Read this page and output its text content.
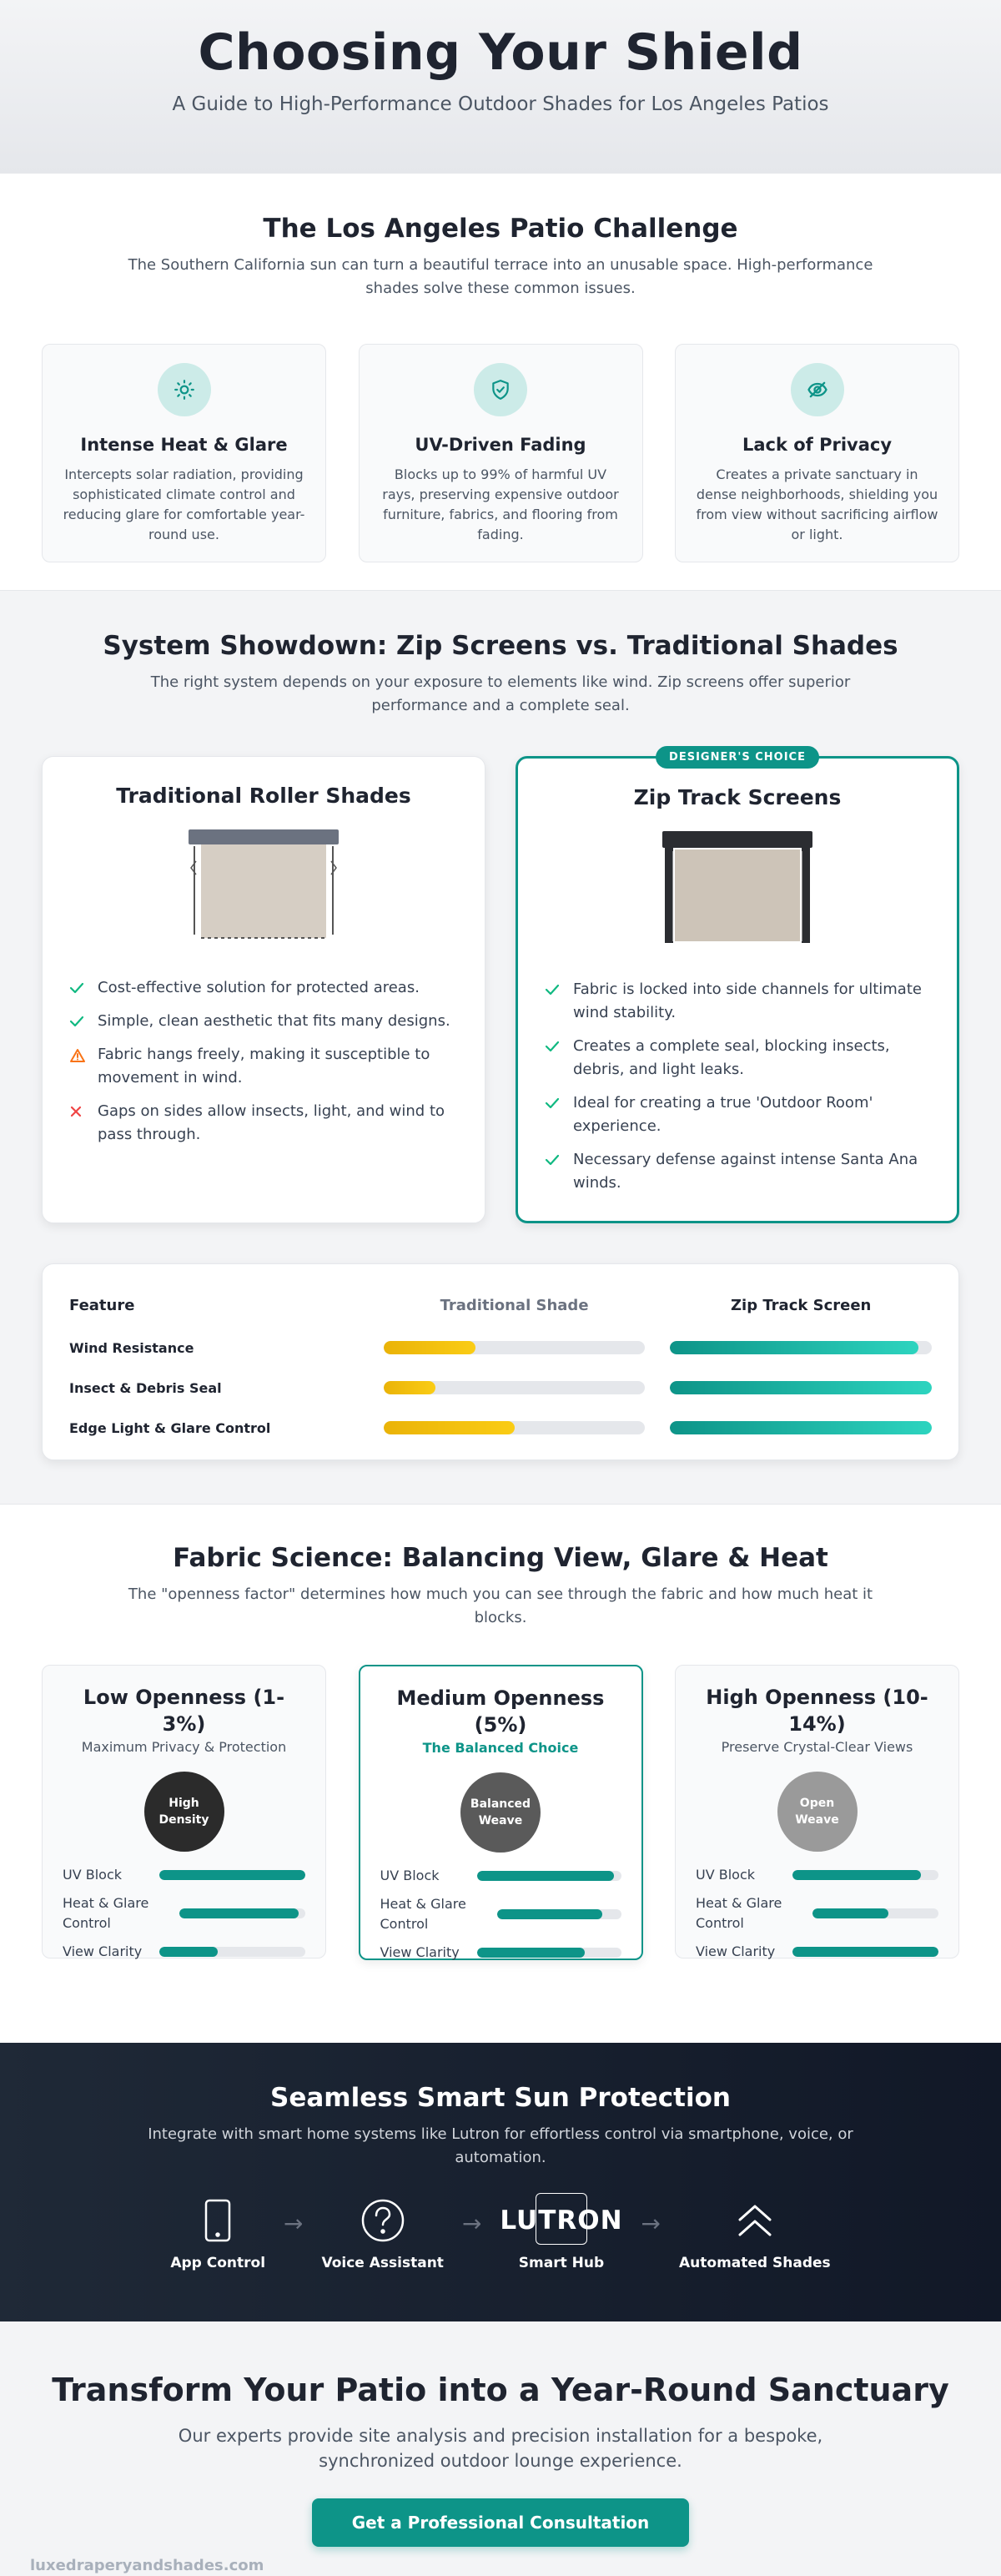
Choosing Your Shield

A Guide to High-Performance Outdoor Shades for Los Angeles Patios

The Los Angeles Patio Challenge

The Southern California sun can turn a beautiful terrace into an unusable space. High-performance shades solve these common issues.

Intense Heat & Glare

Intercepts solar radiation, providing sophisticated climate control and reducing glare for comfortable year-round use.

UV-Driven Fading

Blocks up to 99% of harmful UV rays, preserving expensive outdoor furniture, fabrics, and flooring from fading.

Lack of Privacy

Creates a private sanctuary in dense neighborhoods, shielding you from view without sacrificing airflow or light.

System Showdown: Zip Screens vs. Traditional Shades

The right system depends on your exposure to elements like wind. Zip screens offer superior performance and a complete seal.

Traditional Roller Shades
Cost-effective solution for protected areas.
Simple, clean aesthetic that fits many designs.
Fabric hangs freely, making it susceptible to movement in wind.
Gaps on sides allow insects, light, and wind to pass through.
DESIGNER'S CHOICE
Zip Track Screens
Fabric is locked into side channels for ultimate wind stability.
Creates a complete seal, blocking insects, debris, and light leaks.
Ideal for creating a true 'Outdoor Room' experience.
Necessary defense against intense Santa Ana winds.
Feature	Traditional Shade	Zip Track Screen
Wind Resistance
Insect & Debris Seal
Edge Light & Glare Control
Fabric Science: Balancing View, Glare & Heat

The "openness factor" determines how much you can see through the fabric and how much heat it blocks.

Low Openness (1-3%)
Maximum Privacy & Protection
High Density
UV Block
Heat & Glare Control
View Clarity
Medium Openness (5%)
The Balanced Choice
Balanced Weave
UV Block
Heat & Glare Control
View Clarity
High Openness (10-14%)
Preserve Crystal-Clear Views
Open Weave
UV Block
Heat & Glare Control
View Clarity
Seamless Smart Sun Protection

Integrate with smart home systems like Lutron for effortless control via smartphone, voice, or automation.

App Control
→
Voice Assistant
→ LUTRON
Smart Hub
→
Automated Shades
Transform Your Patio into a Year-Round Sanctuary

Our experts provide site analysis and precision installation for a bespoke, synchronized outdoor lounge experience.

Get a Professional Consultation
luxedraperyandshades.com
